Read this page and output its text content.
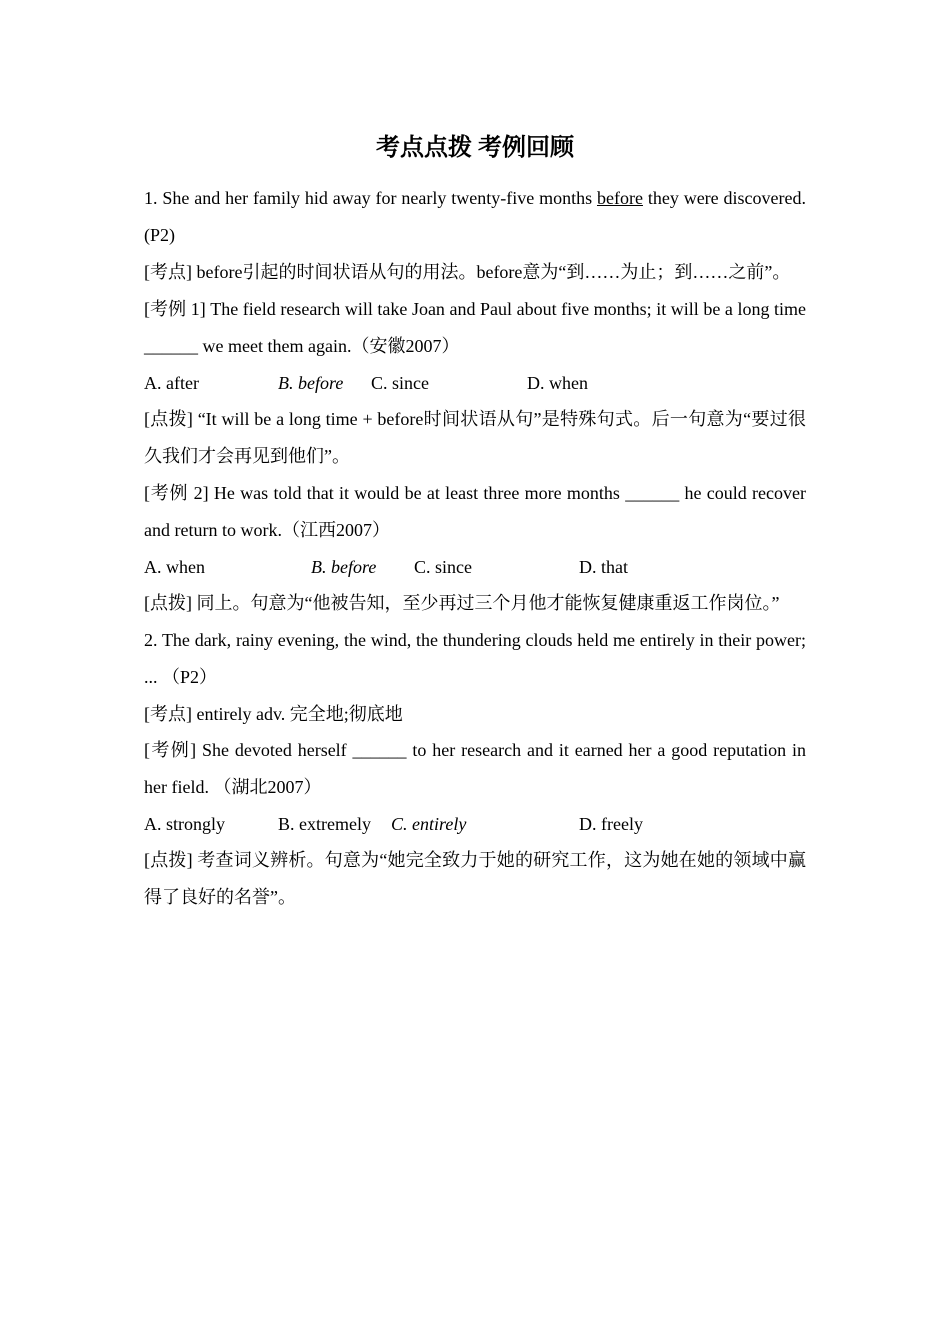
考点点拨 考例回顾

1. She and her family hid away for nearly twenty-five months before they were discovered. (P2)

[考点] before引起的时间状语从句的用法。before意为“到……为止；到……之前”。

[考例 1] The field research will take Joan and Paul about five months; it will be a long time ______ we meet them again.（安徽2007）

A. after	B. before C. since	D. when

[点拨] “It will be a long time + before时间状语从句”是特殊句式。后一句意为“要过很久我们才会再见到他们”。

[考例 2] He was told that it would be at least three more months ______ he could recover and return to work.（江西2007）

A. when	B. before C. since	D. that

[点拨] 同上。句意为“他被告知，至少再过三个月他才能恢复健康重返工作岗位。”

2. The dark, rainy evening, the wind, the thundering clouds held me entirely in their power; ... （P2）

[考点] entirely adv. 完全地;彻底地

[考例] She devoted herself ______ to her research and it earned her a good reputation in her field. （湖北2007）

A. strongly	B. extremely C. entirely	D. freely

[点拨] 考查词义辨析。句意为“她完全致力于她的研究工作，这为她在她的领域中赢得了良好的名誉”。
